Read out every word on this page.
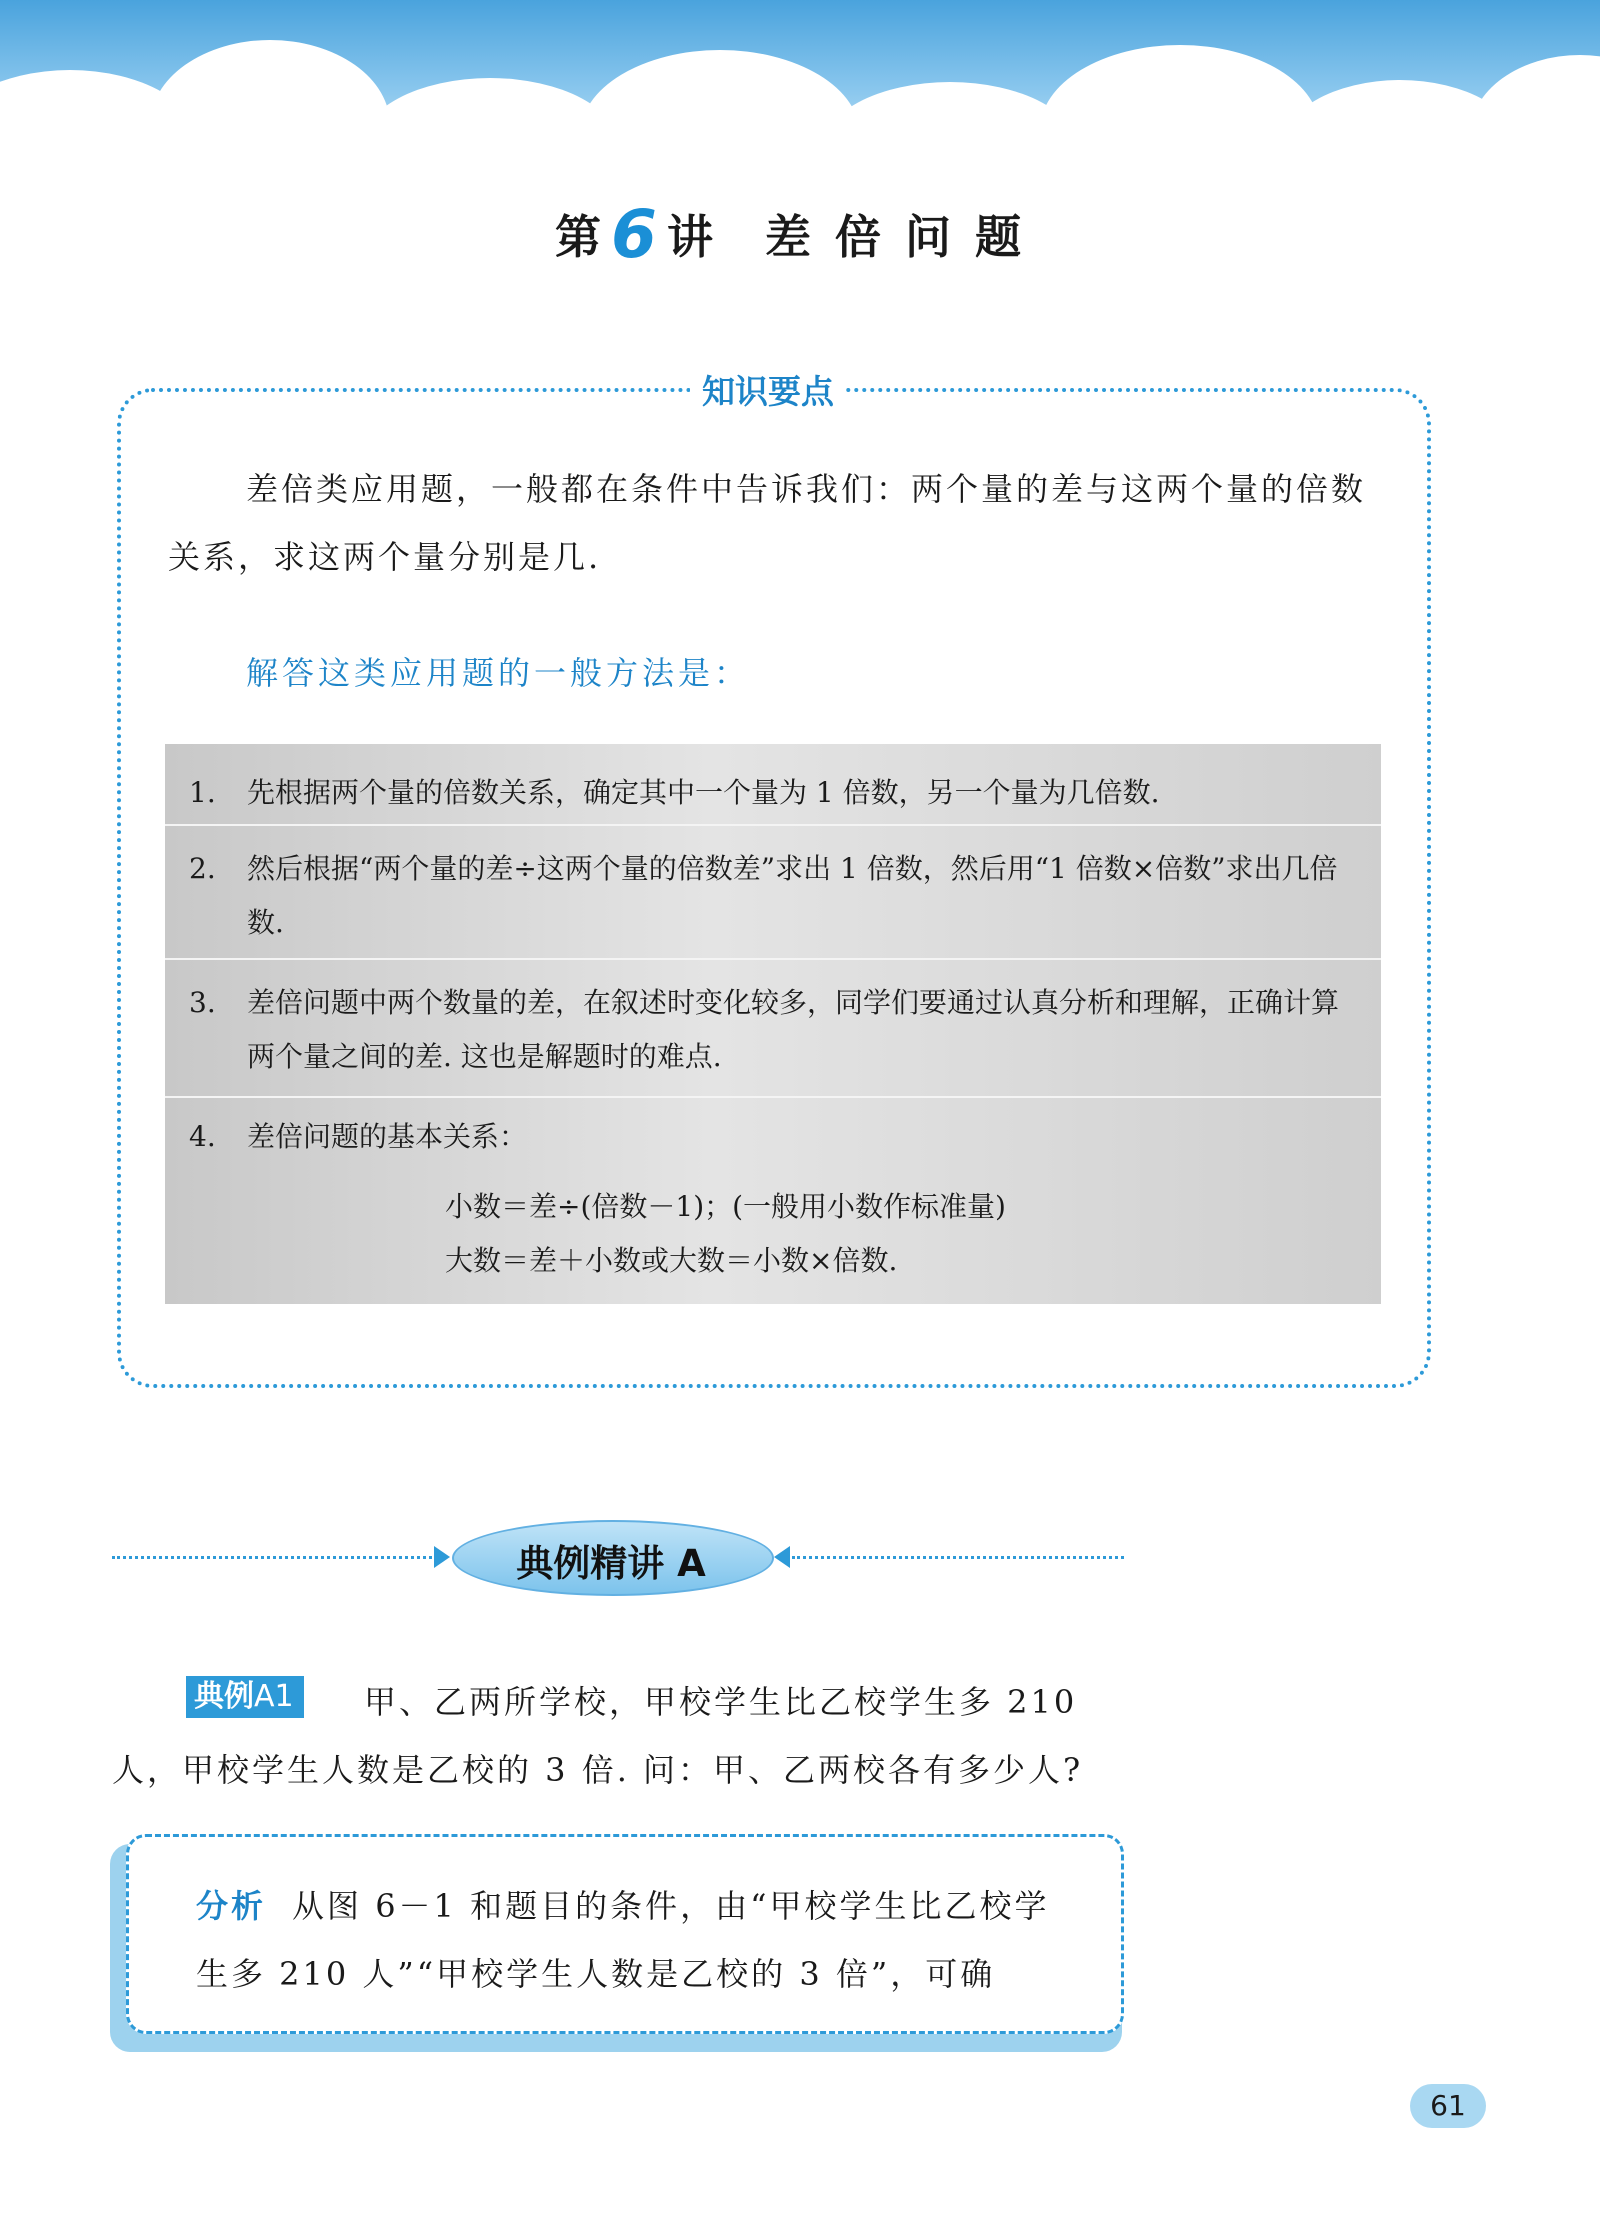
第6讲 差倍问题
知识要点
差倍类应用题，一般都在条件中告诉我们：两个量的差与这两个量的倍数关系，求这两个量分别是几.
解答这类应用题的一般方法是：
1. 先根据两个量的倍数关系，确定其中一个量为 1 倍数，另一个量为几倍数.
2. 然后根据“两个量的差÷这两个量的倍数差”求出 1 倍数，然后用“1 倍数×倍数”求出几倍数.
3. 差倍问题中两个数量的差，在叙述时变化较多，同学们要通过认真分析和理解，正确计算两个量之间的差. 这也是解题时的难点.
4. 差倍问题的基本关系：
小数＝差÷(倍数－1)；(一般用小数作标准量)
大数＝差＋小数或大数＝小数×倍数.
典例精讲 A
甲、乙两所学校，甲校学生比乙校学生多 210 人，甲校学生人数是乙校的 3 倍. 问：甲、乙两校各有多少人?
典例A1
分析 从图 6－1 和题目的条件，由“甲校学生比乙校学生多 210 人”“甲校学生人数是乙校的 3 倍”，可确
61
